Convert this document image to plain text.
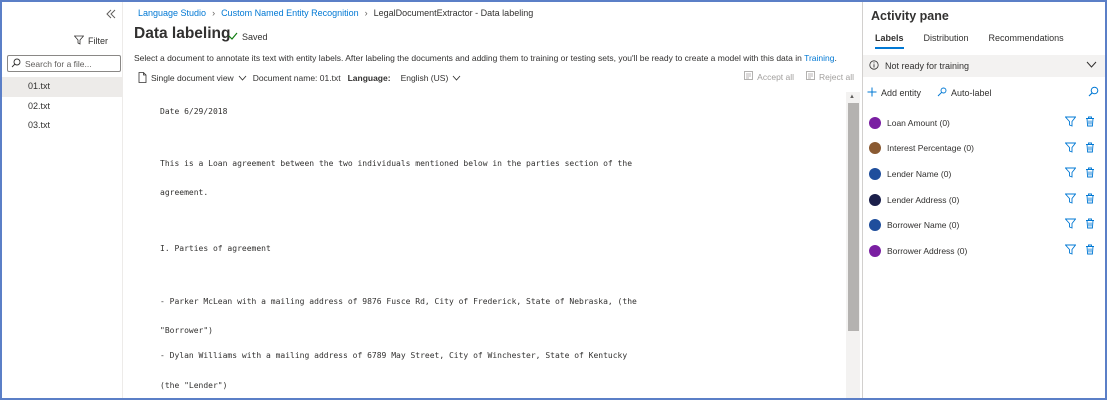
Filter
Search for a file...
01.txt
02.txt
03.txt
Language Studio › Custom Named Entity Recognition › LegalDocumentExtractor - Data labeling
Data labeling Saved
Select a document to annotate its text with entity labels. After labeling the documents and adding them to training or testing sets, you'll be ready to create a model with this data in Training.
Single document view Document name: 01.txt Language: English (US)	Accept all	Reject all
Date 6/29/2018
This is a Loan agreement between the two individuals mentioned below in the parties section of the
agreement.
I. Parties of agreement
- Parker McLean with a mailing address of 9876 Fusce Rd, City of Frederick, State of Nebraska, (the
"Borrower")
- Dylan Williams with a mailing address of 6789 May Street, City of Winchester, State of Kentucky
(the "Lender")
▲
Activity pane
Labels Distribution Recommendations
Not ready for training
Add entity	Auto-label
Loan Amount
(0)
Interest Percentage
(0)
Lender Name
(0)
Lender Address
(0)
Borrower Name
(0)
Borrower Address
(0)
